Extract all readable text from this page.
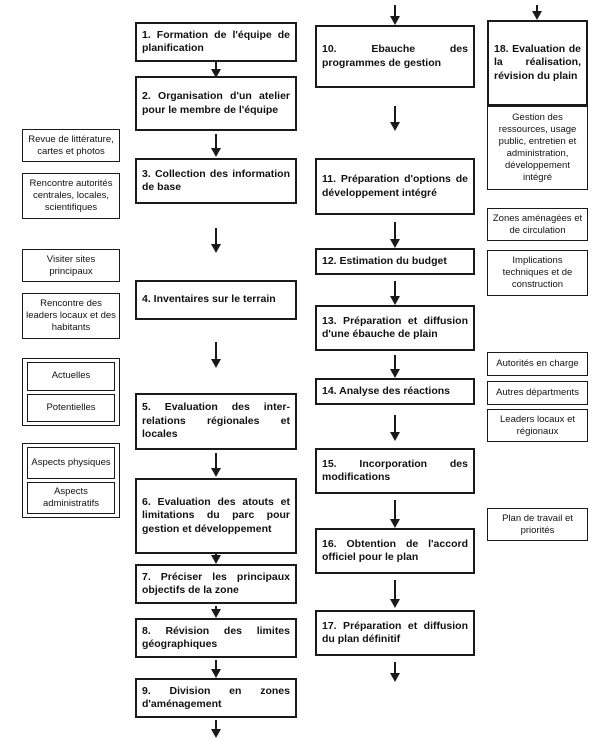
Revue de littérature, cartes et photos
Rencontre autorités centrales, locales, scientifiques
Visiter sites principaux
Rencontre des leaders locaux et des habitants
Actuelles
Potentielles
Aspects physiques
Aspects administratifs
1. Formation de l'équipe de planification
2. Organisation d'un atelier pour le membre de l'équipe
3. Collection des information de base
4. Inventaires sur le terrain
5. Evaluation des inter-relations régionales et locales
6. Evaluation des atouts et limitations du parc pour gestion et développement
7. Préciser les principaux objectifs de la zone
8. Révision des limites géographiques
9. Division en zones d'aménagement
10. Ebauche des programmes de gestion
11. Préparation d'options de développement intégré
12. Estimation du budget
13. Préparation et diffusion d'une ébauche de plain
14. Analyse des réactions
15. Incorporation des modifications
16. Obtention de l'accord officiel pour le plan
17. Préparation et diffusion du plan définitif
18. Evaluation de la réalisation, révision du plain
Gestion des ressources, usage public, entretien et administration, développement intégré
Zones aménagées et de circulation
Implications techniques et de construction
Autorités en charge
Autres départments
Leaders locaux et régionaux
Plan de travail et priorités
